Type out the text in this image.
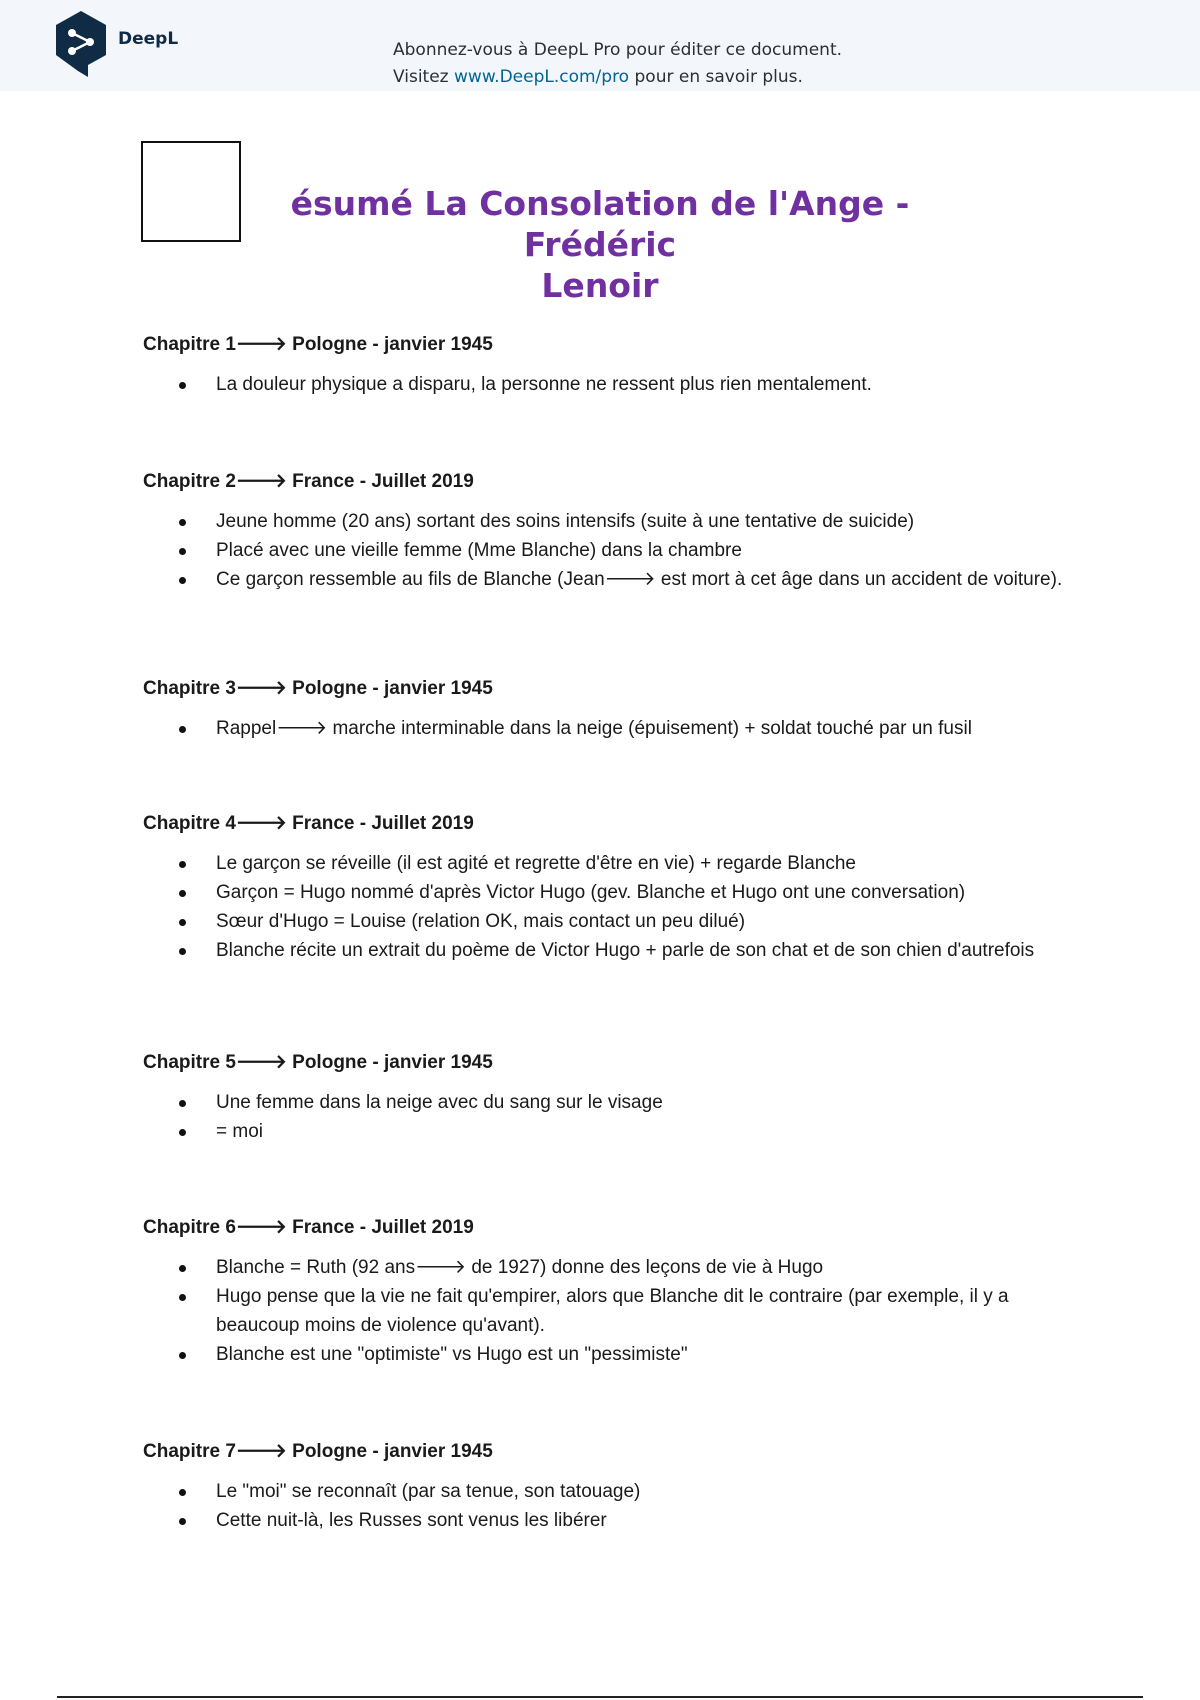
DeepL
Abonnez-vous à DeepL Pro pour éditer ce document.
Visitez www.DeepL.com/pro pour en savoir plus.
ésumé La Consolation de l'Ange - Frédéric
Lenoir

Chapitre 1🡒 Pologne - janvier 1945

La douleur physique a disparu, la personne ne ressent plus rien mentalement.

Chapitre 2🡒 France - Juillet 2019

Jeune homme (20 ans) sortant des soins intensifs (suite à une tentative de suicide)
Placé avec une vieille femme (Mme Blanche) dans la chambre
Ce garçon ressemble au fils de Blanche (Jean🡒 est mort à cet âge dans un accident de voiture).

Chapitre 3🡒 Pologne - janvier 1945

Rappel🡒 marche interminable dans la neige (épuisement) + soldat touché par un fusil

Chapitre 4🡒 France - Juillet 2019

Le garçon se réveille (il est agité et regrette d'être en vie) + regarde Blanche
Garçon = Hugo nommé d'après Victor Hugo (gev. Blanche et Hugo ont une conversation)
Sœur d'Hugo = Louise (relation OK, mais contact un peu dilué)
Blanche récite un extrait du poème de Victor Hugo + parle de son chat et de son chien d'autrefois

Chapitre 5🡒 Pologne - janvier 1945

Une femme dans la neige avec du sang sur le visage
= moi

Chapitre 6🡒 France - Juillet 2019

Blanche = Ruth (92 ans🡒 de 1927) donne des leçons de vie à Hugo
Hugo pense que la vie ne fait qu'empirer, alors que Blanche dit le contraire (par exemple, il y a beaucoup moins de violence qu'avant).
Blanche est une "optimiste" vs Hugo est un "pessimiste"

Chapitre 7🡒 Pologne - janvier 1945

Le "moi" se reconnaît (par sa tenue, son tatouage)
Cette nuit-là, les Russes sont venus les libérer
